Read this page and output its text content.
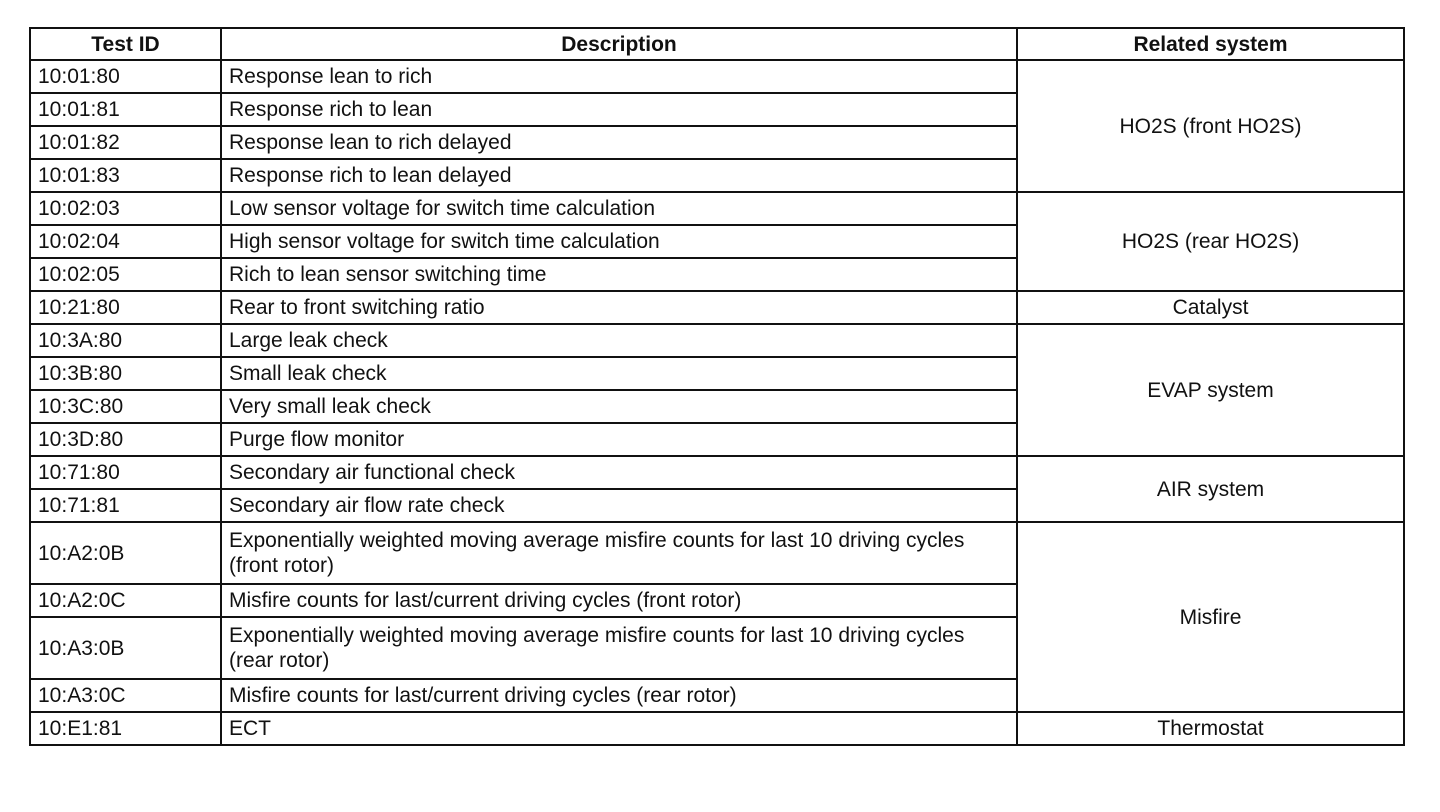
Test ID	Description	Related system
10:01:80	Response lean to rich	HO2S (front HO2S)
10:01:81	Response rich to lean	
10:01:82	Response lean to rich delayed	
10:01:83	Response rich to lean delayed	
10:02:03	Low sensor voltage for switch time calculation	HO2S (rear HO2S)
10:02:04	High sensor voltage for switch time calculation	
10:02:05	Rich to lean sensor switching time	
10:21:80	Rear to front switching ratio	Catalyst
10:3A:80	Large leak check	EVAP system
10:3B:80	Small leak check	
10:3C:80	Very small leak check	
10:3D:80	Purge flow monitor	
10:71:80	Secondary air functional check	AIR system
10:71:81	Secondary air flow rate check	
10:A2:0B	Exponentially weighted moving average misfire counts for last 10 driving cycles (front rotor)	Misfire
10:A2:0C	Misfire counts for last/current driving cycles (front rotor)	
10:A3:0B	Exponentially weighted moving average misfire counts for last 10 driving cycles (rear rotor)	
10:A3:0C	Misfire counts for last/current driving cycles (rear rotor)	
10:E1:81	ECT	Thermostat
